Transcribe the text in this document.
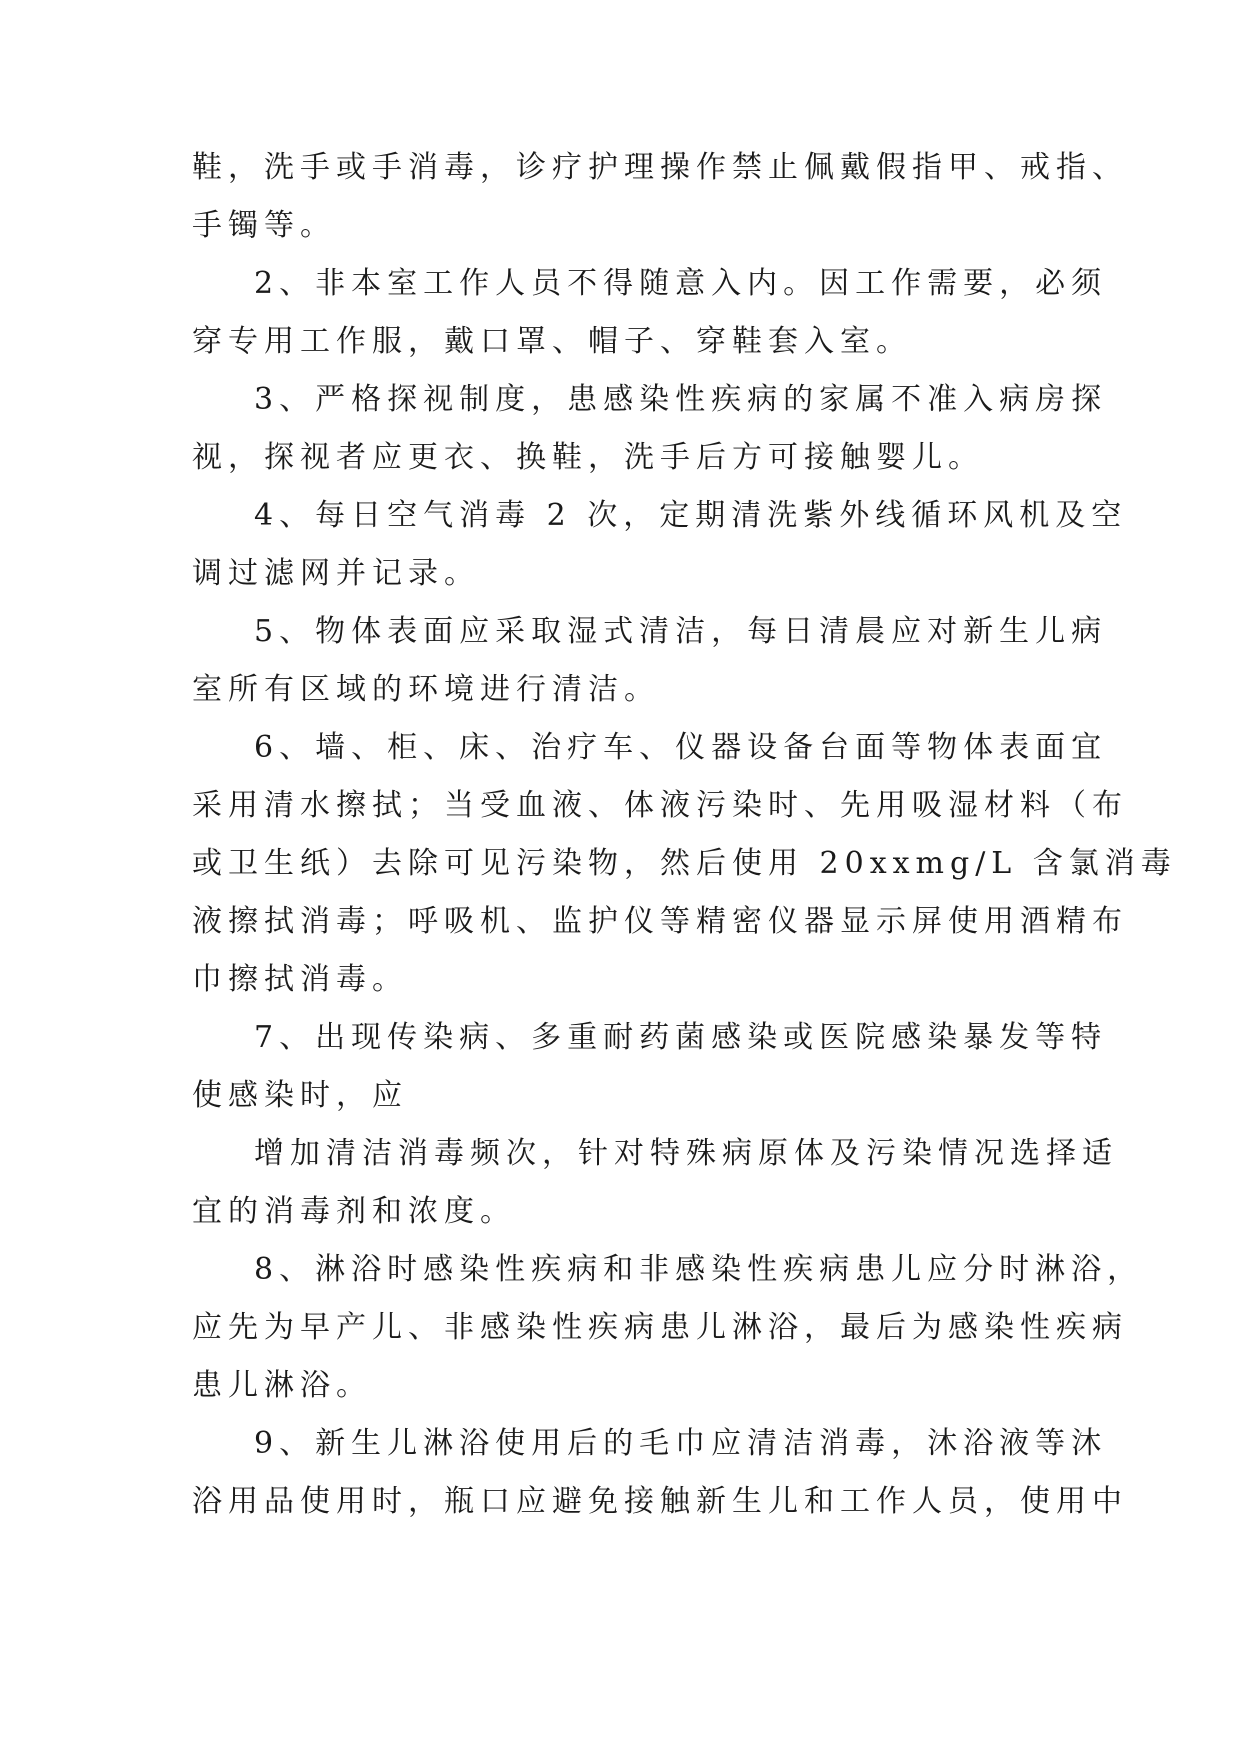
鞋，洗手或手消毒，诊疗护理操作禁止佩戴假指甲、戒指、
手镯等。
2、非本室工作人员不得随意入内。因工作需要，必须
穿专用工作服，戴口罩、帽子、穿鞋套入室。
3、严格探视制度，患感染性疾病的家属不准入病房探
视，探视者应更衣、换鞋，洗手后方可接触婴儿。
4、每日空气消毒 2 次，定期清洗紫外线循环风机及空
调过滤网并记录。
5、物体表面应采取湿式清洁，每日清晨应对新生儿病
室所有区域的环境进行清洁。
6、墙、柜、床、治疗车、仪器设备台面等物体表面宜
采用清水擦拭；当受血液、体液污染时、先用吸湿材料（布
或卫生纸）去除可见污染物，然后使用 20xxmg/L 含氯消毒
液擦拭消毒；呼吸机、监护仪等精密仪器显示屏使用酒精布
巾擦拭消毒。
7、出现传染病、多重耐药菌感染或医院感染暴发等特
使感染时，应
增加清洁消毒频次，针对特殊病原体及污染情况选择适
宜的消毒剂和浓度。
8、淋浴时感染性疾病和非感染性疾病患儿应分时淋浴，
应先为早产儿、非感染性疾病患儿淋浴，最后为感染性疾病
患儿淋浴。
9、新生儿淋浴使用后的毛巾应清洁消毒，沐浴液等沐
浴用品使用时，瓶口应避免接触新生儿和工作人员，使用中
